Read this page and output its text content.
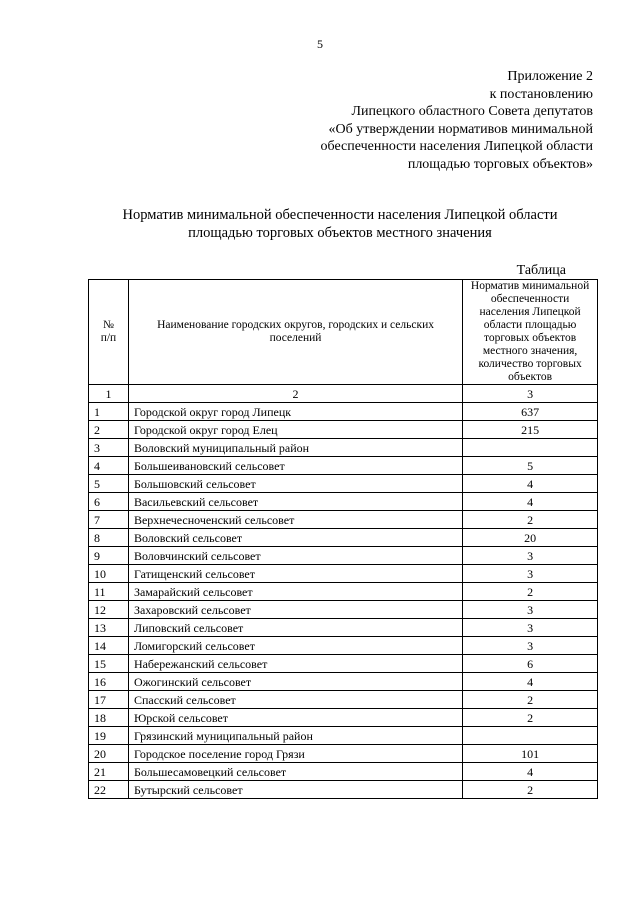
5
Приложение 2
к постановлению
Липецкого областного Совета депутатов
«Об утверждении нормативов минимальной
обеспеченности населения Липецкой области
площадью торговых объектов»
Норматив минимальной обеспеченности населения Липецкой области
площадью торговых объектов местного значения
Таблица
№
п/п	Наименование городских округов, городских и сельских поселений	Норматив минимальной обеспеченности населения Липецкой области площадью торговых объектов местного значения, количество торговых объектов
1	2	3
1	Городской округ город Липецк	637
2	Городской округ город Елец	215
3	Воловский муниципальный район	
4	Большеивановский сельсовет	5
5	Большовский сельсовет	4
6	Васильевский сельсовет	4
7	Верхнечесноченский сельсовет	2
8	Воловский сельсовет	20
9	Воловчинский сельсовет	3
10	Гатищенский сельсовет	3
11	Замарайский сельсовет	2
12	Захаровский сельсовет	3
13	Липовский сельсовет	3
14	Ломигорский сельсовет	3
15	Набережанский сельсовет	6
16	Ожогинский сельсовет	4
17	Спасский сельсовет	2
18	Юрской сельсовет	2
19	Грязинский муниципальный район	
20	Городское поселение город Грязи	101
21	Большесамовецкий сельсовет	4
22	Бутырский сельсовет	2
